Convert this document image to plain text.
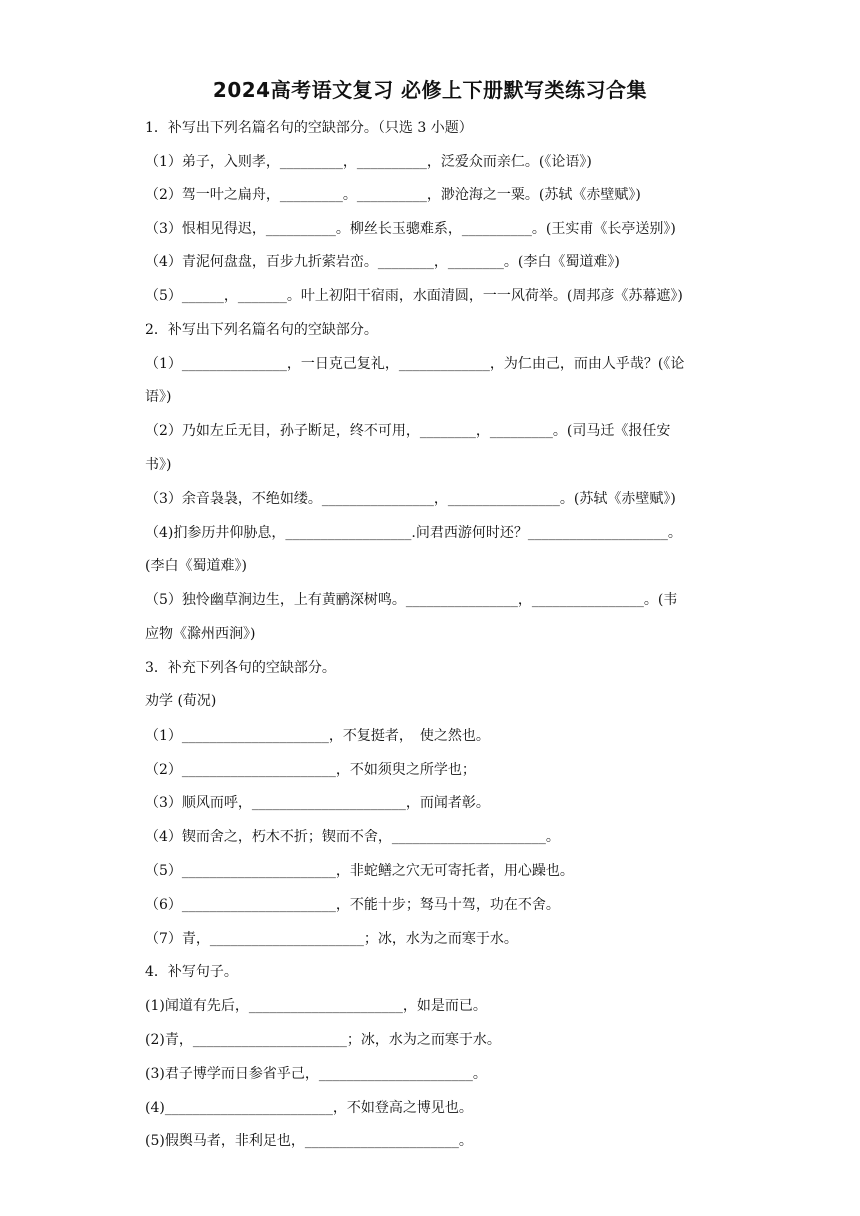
2024高考语文复习 必修上下册默写类练习合集
1．补写出下列名篇名句的空缺部分。（只选 3 小题）
（1）弟子，入则孝，_________，__________，泛爱众而亲仁。(《论语》)
（2）驾一叶之扁舟，_________。__________，渺沧海之一粟。(苏轼《赤壁赋》)
（3）恨相见得迟，__________。柳丝长玉骢难系，__________。(王实甫《长亭送别》)
（4）青泥何盘盘，百步九折萦岩峦。________，________。(李白《蜀道难》)
（5）______，_______。叶上初阳干宿雨，水面清圆，一一风荷举。(周邦彦《苏幕遮》)
2．补写出下列名篇名句的空缺部分。
（1）_______________，一日克己复礼，_____________，为仁由己，而由人乎哉？(《论
语》)
（2）乃如左丘无目，孙子断足，终不可用，________，_________。(司马迁《报任安
书》)
（3）余音袅袅，不绝如缕。________________，________________。(苏轼《赤壁赋》)
（4)扪参历井仰胁息，__________________.问君西游何时还？____________________。
(李白《蜀道难》)
（5）独怜幽草涧边生，上有黄鹂深树鸣。________________，________________。(韦
应物《滁州西涧》)
3．补充下列各句的空缺部分。
劝学 (荀况)
（1）_____________________，不复挺者，　使之然也。
（2）______________________，不如须臾之所学也；
（3）顺风而呼，______________________，而闻者彰。
（4）锲而舍之，朽木不折；锲而不舍，______________________。
（5）______________________，非蛇鳝之穴无可寄托者，用心躁也。
（6）______________________，不能十步；驽马十驾，功在不舍。
（7）青，______________________；冰，水为之而寒于水。
4．补写句子。
(1)闻道有先后，______________________，如是而已。
(2)青，______________________；冰，水为之而寒于水。
(3)君子博学而日参省乎己，______________________。
(4)________________________，不如登高之博见也。
(5)假舆马者，非利足也，______________________。
